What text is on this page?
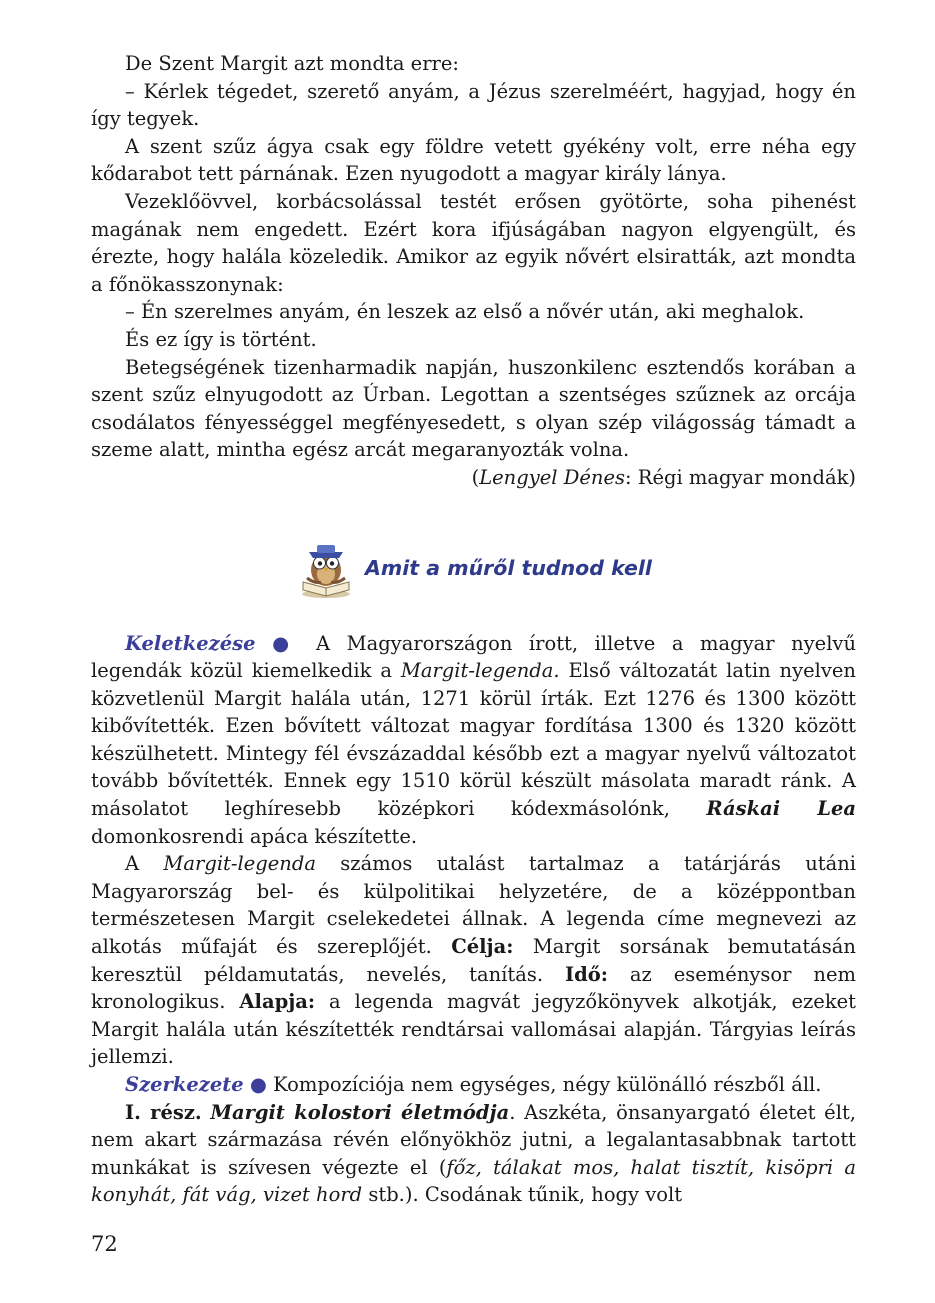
De Szent Margit azt mondta erre:

– Kérlek tégedet, szerető anyám, a Jézus szerelméért, hagyjad, hogy én így tegyek.

A szent szűz ágya csak egy földre vetett gyékény volt, erre néha egy kődarabot tett párnának. Ezen nyugodott a magyar király lánya.

Vezeklőövvel, korbácsolással testét erősen gyötörte, soha pihenést magának nem engedett. Ezért kora ifjúságában nagyon elgyengült, és érezte, hogy halála közeledik. Amikor az egyik nővért elsiratták, azt mondta a főnökasszonynak:

– Én szerelmes anyám, én leszek az első a nővér után, aki meghalok.

És ez így is történt.

Betegségének tizenharmadik napján, huszonkilenc esztendős korában a szent szűz elnyugodott az Úrban. Legottan a szentséges szűznek az orcája csodálatos fényességgel megfényesedett, s olyan szép világosság támadt a szeme alatt, mintha egész arcát megaranyozták volna.

(Lengyel Dénes: Régi magyar mondák)

Amit a műről tudnod kell

Keletkezése ● A Magyarországon írott, illetve a magyar nyelvű legendák közül kiemelkedik a Margit-legenda. Első változatát latin nyelven közvetlenül Margit halála után, 1271 körül írták. Ezt 1276 és 1300 között kibővítették. Ezen bővített változat magyar fordítása 1300 és 1320 között készülhetett. Mintegy fél évszázaddal később ezt a magyar nyelvű változatot tovább bővítették. Ennek egy 1510 körül készült másolata maradt ránk. A másolatot leghíresebb középkori kódexmásolónk, Ráskai Lea domonkosrendi apáca készítette.

A Margit-legenda számos utalást tartalmaz a tatárjárás utáni Magyarország bel- és külpolitikai helyzetére, de a középpontban természetesen Margit cselekedetei állnak. A legenda címe megnevezi az alkotás műfaját és szereplőjét. Célja: Margit sorsának bemutatásán keresztül példamutatás, nevelés, tanítás. Idő: az eseménysor nem kronologikus. Alapja: a legenda magvát jegyzőkönyvek alkotják, ezeket Margit halála után készítették rendtársai vallomásai alapján. Tárgyias leírás jellemzi.

Szerkezete ● Kompozíciója nem egységes, négy különálló részből áll.

I. rész. Margit kolostori életmódja. Aszkéta, önsanyargató életet élt, nem akart származása révén előnyökhöz jutni, a legalantasabbnak tartott munkákat is szívesen végezte el (főz, tálakat mos, halat tisztít, kisöpri a konyhát, fát vág, vizet hord stb.). Csodának tűnik, hogy volt

72
